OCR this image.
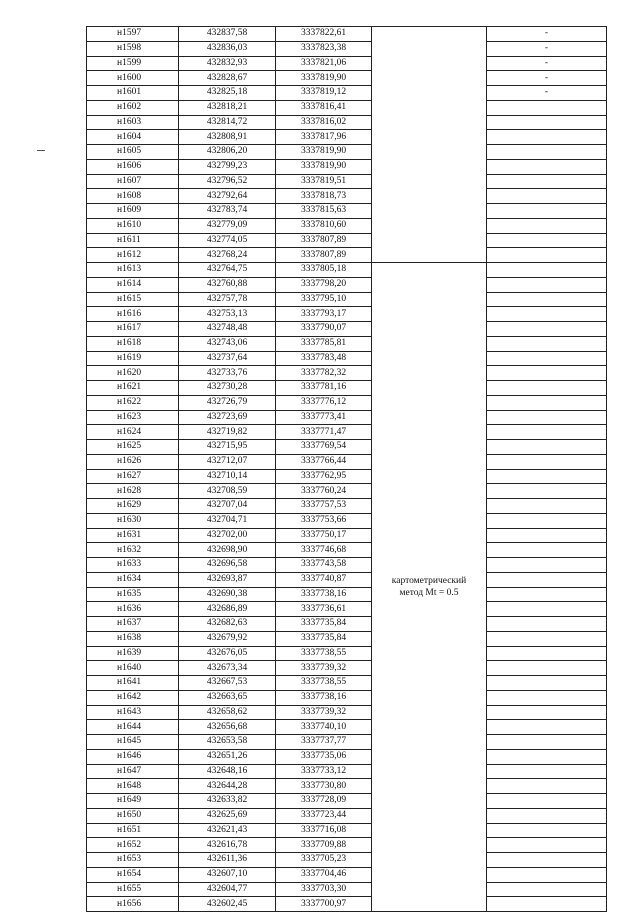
н1597	432837,58	3337822,61		-
н1598	432836,03	3337823,38		-
н1599	432832,93	3337821,06		-
н1600	432828,67	3337819,90		-
н1601	432825,18	3337819,12		-
н1602	432818,21	3337816,41		
н1603	432814,72	3337816,02		
н1604	432808,91	3337817,96		
н1605	432806,20	3337819,90		
н1606	432799,23	3337819,90		
н1607	432796,52	3337819,51		
н1608	432792,64	3337818,73		
н1609	432783,74	3337815,63		
н1610	432779,09	3337810,60		
н1611	432774,05	3337807,89		
н1612	432768,24	3337807,89		
н1613	432764,75	3337805,18	картометрический
метод Mt = 0.5	

н1614	432760,88	3337798,20		
н1615	432757,78	3337795,10		
н1616	432753,13	3337793,17		
н1617	432748,48	3337790,07		
н1618	432743,06	3337785,81		
н1619	432737,64	3337783,48		
н1620	432733,76	3337782,32		
н1621	432730,28	3337781,16		
н1622	432726,79	3337776,12		
н1623	432723,69	3337773,41		
н1624	432719,82	3337771,47		
н1625	432715,95	3337769,54		
н1626	432712,07	3337766,44		
н1627	432710,14	3337762,95		
н1628	432708,59	3337760,24		
н1629	432707,04	3337757,53		
н1630	432704,71	3337753,66		
н1631	432702,00	3337750,17		
н1632	432698,90	3337746,68		
н1633	432696,58	3337743,58		
н1634	432693,87	3337740,87		
н1635	432690,38	3337738,16		
н1636	432686,89	3337736,61		
н1637	432682,63	3337735,84		
н1638	432679,92	3337735,84		
н1639	432676,05	3337738,55		
н1640	432673,34	3337739,32		
н1641	432667,53	3337738,55		
н1642	432663,65	3337738,16		
н1643	432658,62	3337739,32		
н1644	432656,68	3337740,10		
н1645	432653,58	3337737,77		
н1646	432651,26	3337735,06		
н1647	432648,16	3337733,12		
н1648	432644,28	3337730,80		
н1649	432633,82	3337728,09		
н1650	432625,69	3337723,44		
н1651	432621,43	3337716,08		
н1652	432616,78	3337709,88		
н1653	432611,36	3337705,23		
н1654	432607,10	3337704,46		
н1655	432604,77	3337703,30		
н1656	432602,45	3337700,97		
